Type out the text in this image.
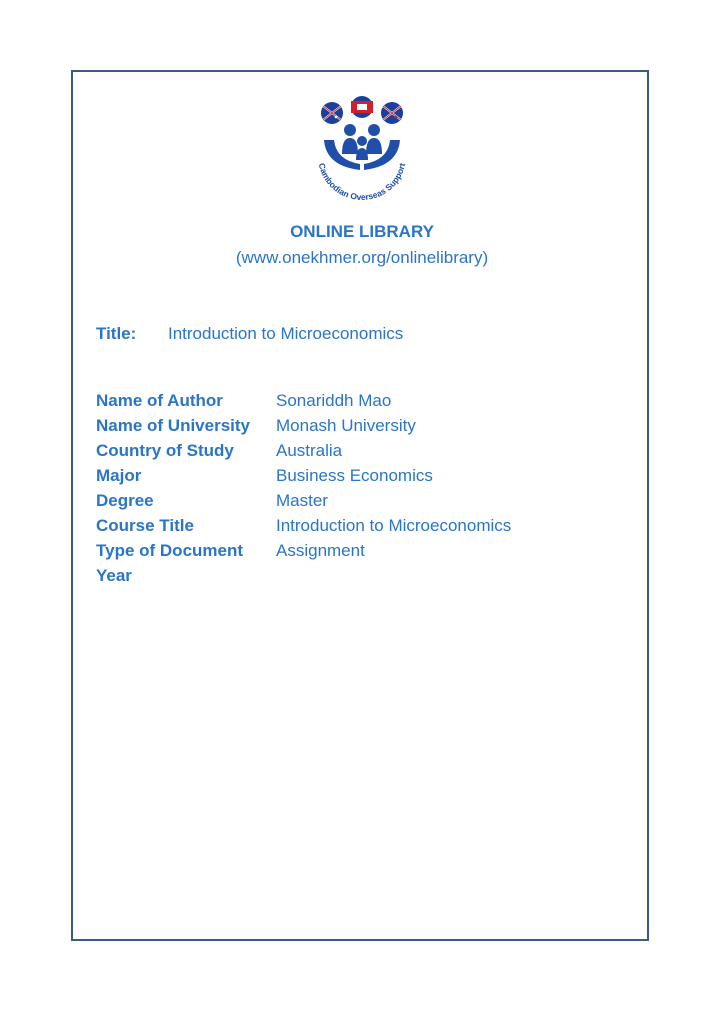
Cambodian Overseas Support
ONLINE LIBRARY
(www.onekhmer.org/onlinelibrary)
Title: Introduction to Microeconomics
Name of Author	Sonariddh Mao
Name of University Monash University
Country of Study Australia
Major	Business Economics
Degree	Master
Course Title	Introduction to Microeconomics
Type of Document Assignment
Year
